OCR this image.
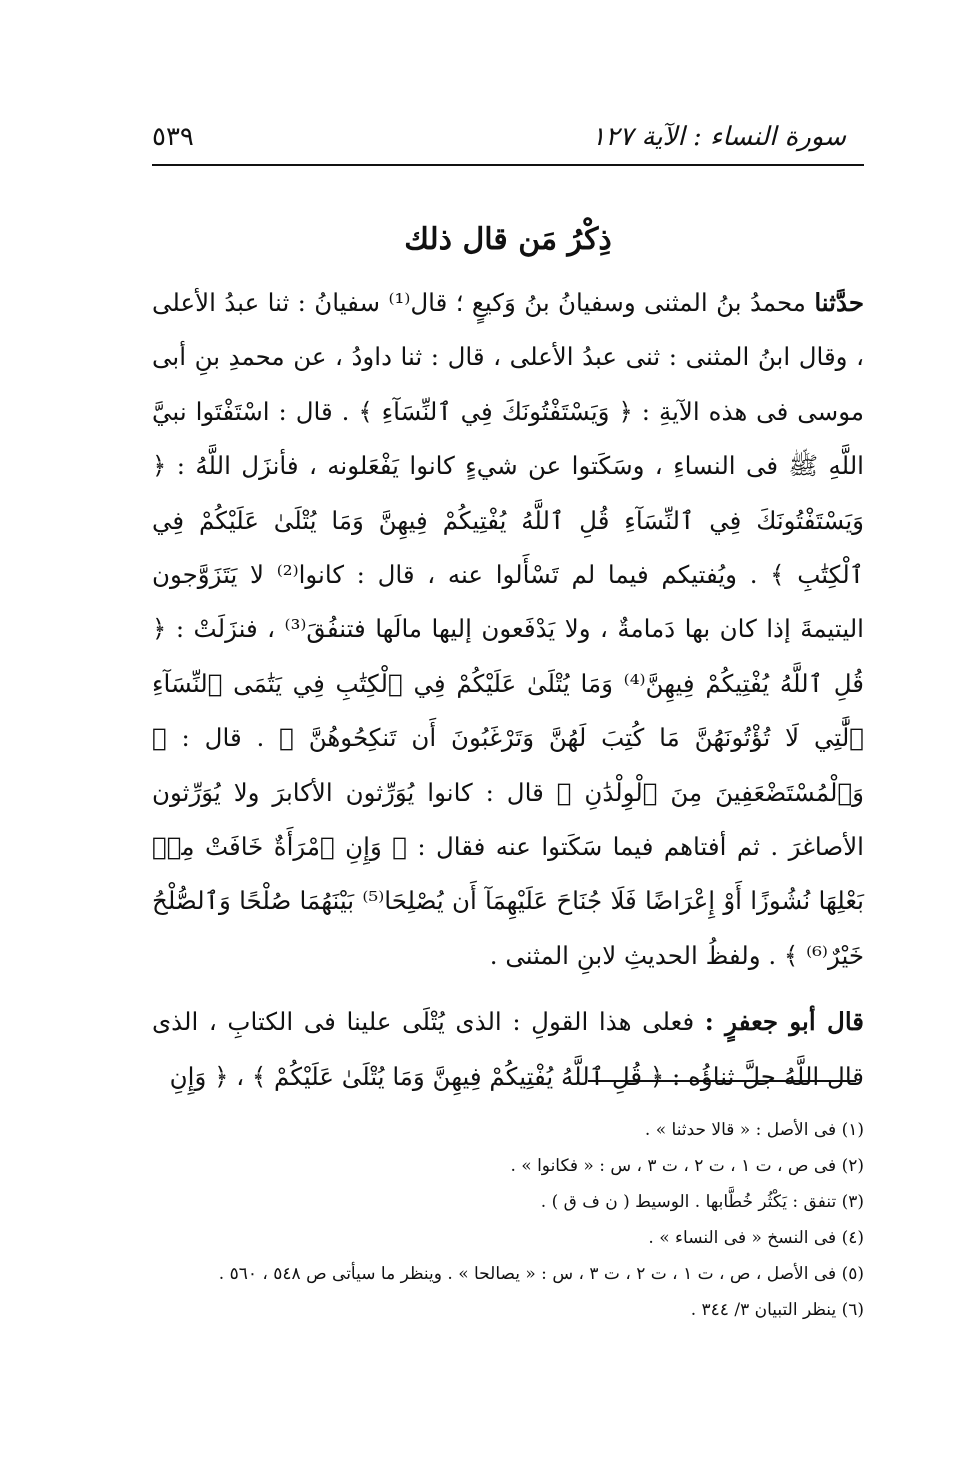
سورة النساء : الآية ١٢٧
٥٣٩
ذِكْرُ مَن قال ذلك

حدَّثنا محمدُ بنُ المثنى وسفيانُ بنُ وَكيعٍ ؛ قال⁽¹⁾ سفيانُ : ثنا عبدُ الأعلى ، وقال ابنُ المثنى : ثنى عبدُ الأعلى ، قال : ثنا داودُ ، عن محمدِ بنِ أبى موسى فى هذه الآيةِ : ﴿ وَيَسْتَفْتُونَكَ فِي ٱلنِّسَآءِ ﴾ . قال : اسْتَفْتَوا نبيَّ اللَّهِ ﷺ فى النساءِ ، وسَكَتوا عن شيءٍ كانوا يَفْعَلونه ، فأنزَل اللَّهُ : ﴿ وَيَسْتَفْتُونَكَ فِي ٱلنِّسَآءِ قُلِ ٱللَّهُ يُفْتِيكُمْ فِيهِنَّ وَمَا يُتْلَىٰ عَلَيْكُمْ فِي ٱلْكِتَٰبِ ﴾ . ويُفتيكم فيما لم تَسْأَلوا عنه ، قال : كانوا⁽²⁾ لا يَتَزَوَّجون اليتيمةَ إذا كان بها دَمامةٌ ، ولا يَدْفَعون إليها مالَها فتنفُقَ⁽³⁾ ، فنزَلَتْ : ﴿ قُلِ ٱللَّهُ يُفْتِيكُمْ فِيهِنَّ⁽⁴⁾ وَمَا يُتْلَىٰ عَلَيْكُمْ فِي ٱلْكِتَٰبِ فِي يَتَٰمَى ٱلنِّسَآءِ ٱلَّٰتِي لَا تُؤْتُونَهُنَّ مَا كُتِبَ لَهُنَّ وَتَرْغَبُونَ أَن تَنكِحُوهُنَّ ﴾ . قال : ﴿ وَٱلْمُسْتَضْعَفِينَ مِنَ ٱلْوِلْدَٰنِ ﴾ قال : كانوا يُوَرِّثون الأكابرَ ولا يُوَرِّثون الأصاغرَ . ثم أفتاهم فيما سَكَتوا عنه فقال : ﴿ وَإِنِ ٱمْرَأَةٌ خَافَتْ مِنۢ بَعْلِهَا نُشُوزًا أَوْ إِعْرَاضًا فَلَا جُنَاحَ عَلَيْهِمَآ أَن يُصْلِحَا⁽⁵⁾ بَيْنَهُمَا صُلْحًا وَٱلصُّلْحُ خَيْرٌ⁽⁶⁾ ﴾ . ولفظُ الحديثِ لابنِ المثنى .

قال أبو جعفرٍ : فعلى هذا القولِ : الذى يُتْلَى علينا فى الكتابِ ، الذى قال اللَّهُ جلَّ ثناؤُه : ﴿ قُلِ ٱللَّهُ يُفْتِيكُمْ فِيهِنَّ وَمَا يُتْلَىٰ عَلَيْكُمْ ﴾ ، ﴿ وَإِنِ

(١) فى الأصل : « قالا حدثنا » .
(٢) فى ص ، ت ١ ، ت ٢ ، ت ٣ ، س : « فكانوا » .
(٣) تنفق : يَكْثُر خُطَّابها . الوسيط ( ن ف ق ) .
(٤) فى النسخ « فى النساء » .
(٥) فى الأصل ، ص ، ت ١ ، ت ٢ ، ت ٣ ، س : « يصالحا » . وينظر ما سيأتى ص ٥٤٨ ، ٥٦٠ .
(٦) ينظر التبيان ٣/ ٣٤٤ .
